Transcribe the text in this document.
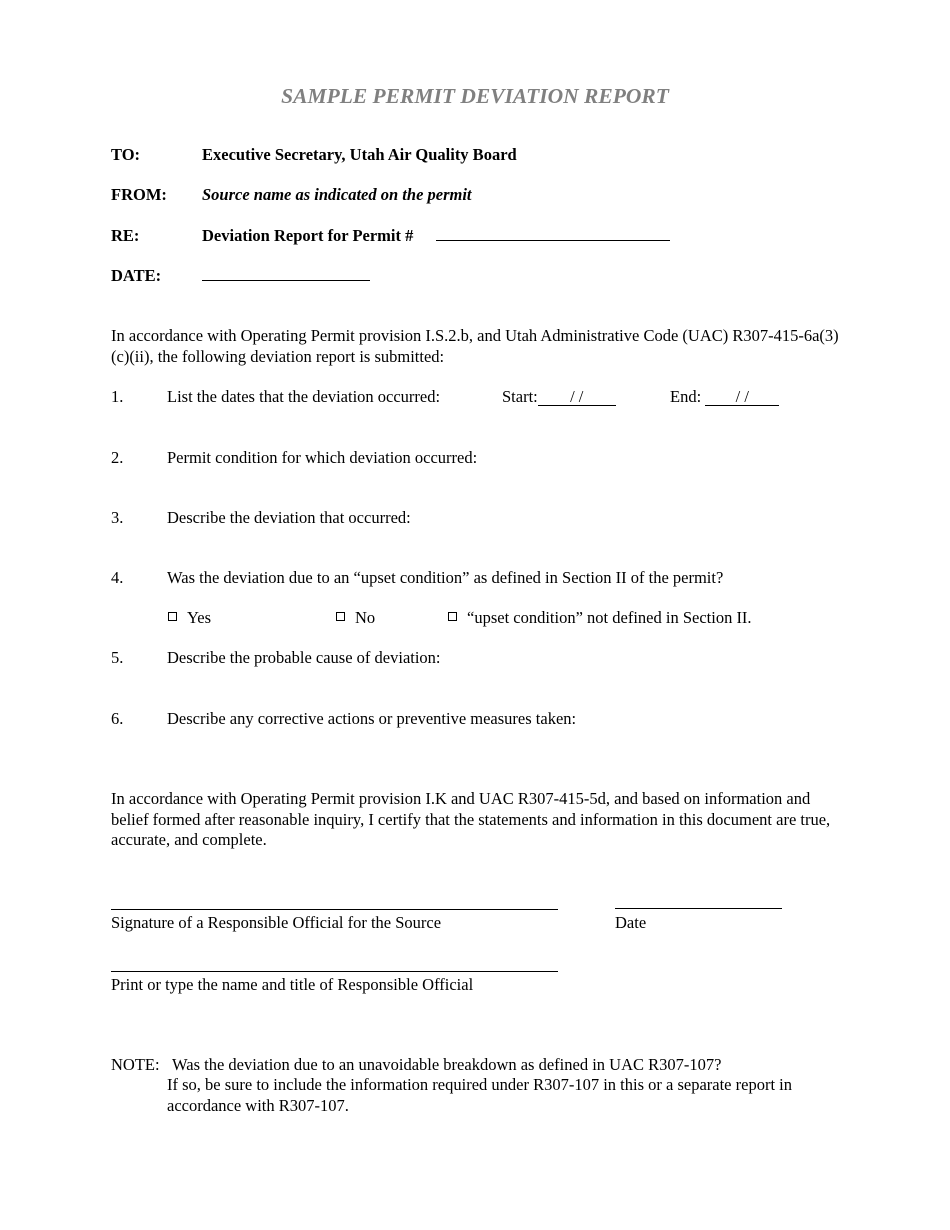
SAMPLE PERMIT DEVIATION REPORT
TO:	Executive Secretary, Utah Air Quality Board
FROM: Source name as indicated on the permit
RE:	Deviation Report for Permit #
DATE:
In accordance with Operating Permit provision I.S.2.b, and Utah Administrative Code (UAC) R307-415-6a(3)(c)(ii), the following deviation report is submitted:
1.	List the dates that the deviation occurred:	Start: / /	End: / /
2.	Permit condition for which deviation occurred:
3.	Describe the deviation that occurred:
4.	Was the deviation due to an “upset condition” as defined in Section II of the permit?
Yes	No	“upset condition” not defined in Section II.
5.	Describe the probable cause of deviation:
6.	Describe any corrective actions or preventive measures taken:
In accordance with Operating Permit provision I.K and UAC R307-415-5d, and based on information and belief formed after reasonable inquiry, I certify that the statements and information in this document are true, accurate, and complete.
Signature of a Responsible Official for the Source	Date
Print or type the name and title of Responsible Official
NOTE: Was the deviation due to an unavoidable breakdown as defined in UAC R307-107?
If so, be sure to include the information required under R307-107 in this or a separate report in accordance with R307-107.
